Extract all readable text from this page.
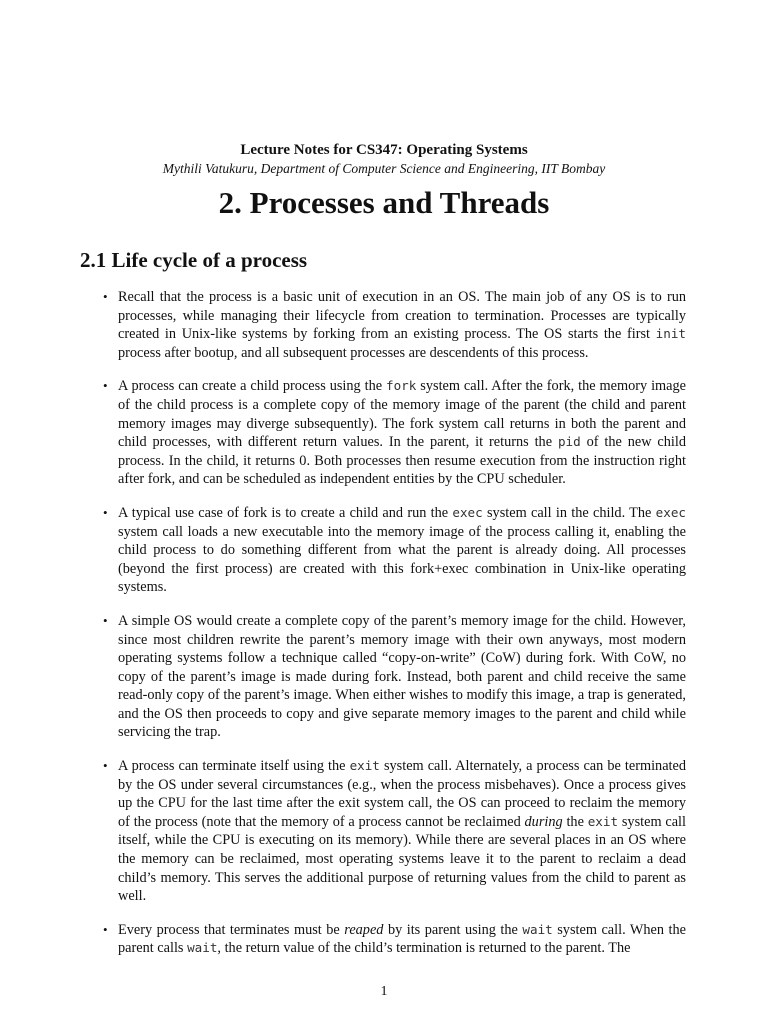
Lecture Notes for CS347: Operating Systems
Mythili Vatukuru, Department of Computer Science and Engineering, IIT Bombay
2. Processes and Threads
2.1 Life cycle of a process
• Recall that the process is a basic unit of execution in an OS. The main job of any OS is to run processes, while managing their lifecycle from creation to termination. Processes are typically created in Unix-like systems by forking from an existing process. The OS starts the first init process after bootup, and all subsequent processes are descendents of this process.
• A process can create a child process using the fork system call. After the fork, the memory image of the child process is a complete copy of the memory image of the parent (the child and parent memory images may diverge subsequently). The fork system call returns in both the parent and child processes, with different return values. In the parent, it returns the pid of the new child process. In the child, it returns 0. Both processes then resume execution from the instruction right after fork, and can be scheduled as independent entities by the CPU scheduler.
• A typical use case of fork is to create a child and run the exec system call in the child. The exec system call loads a new executable into the memory image of the process calling it, enabling the child process to do something different from what the parent is already doing. All processes (beyond the first process) are created with this fork+exec combination in Unix-like operating systems.
• A simple OS would create a complete copy of the parent’s memory image for the child. However, since most children rewrite the parent’s memory image with their own anyways, most modern operating systems follow a technique called “copy-on-write” (CoW) during fork. With CoW, no copy of the parent’s image is made during fork. Instead, both parent and child receive the same read-only copy of the parent’s image. When either wishes to modify this image, a trap is generated, and the OS then proceeds to copy and give separate memory images to the parent and child while servicing the trap.
• A process can terminate itself using the exit system call. Alternately, a process can be terminated by the OS under several circumstances (e.g., when the process misbehaves). Once a process gives up the CPU for the last time after the exit system call, the OS can proceed to reclaim the memory of the process (note that the memory of a process cannot be reclaimed during the exit system call itself, while the CPU is executing on its memory). While there are several places in an OS where the memory can be reclaimed, most operating systems leave it to the parent to reclaim a dead child’s memory. This serves the additional purpose of returning values from the child to parent as well.
• Every process that terminates must be reaped by its parent using the wait system call. When the parent calls wait, the return value of the child’s termination is returned to the parent. The
1
